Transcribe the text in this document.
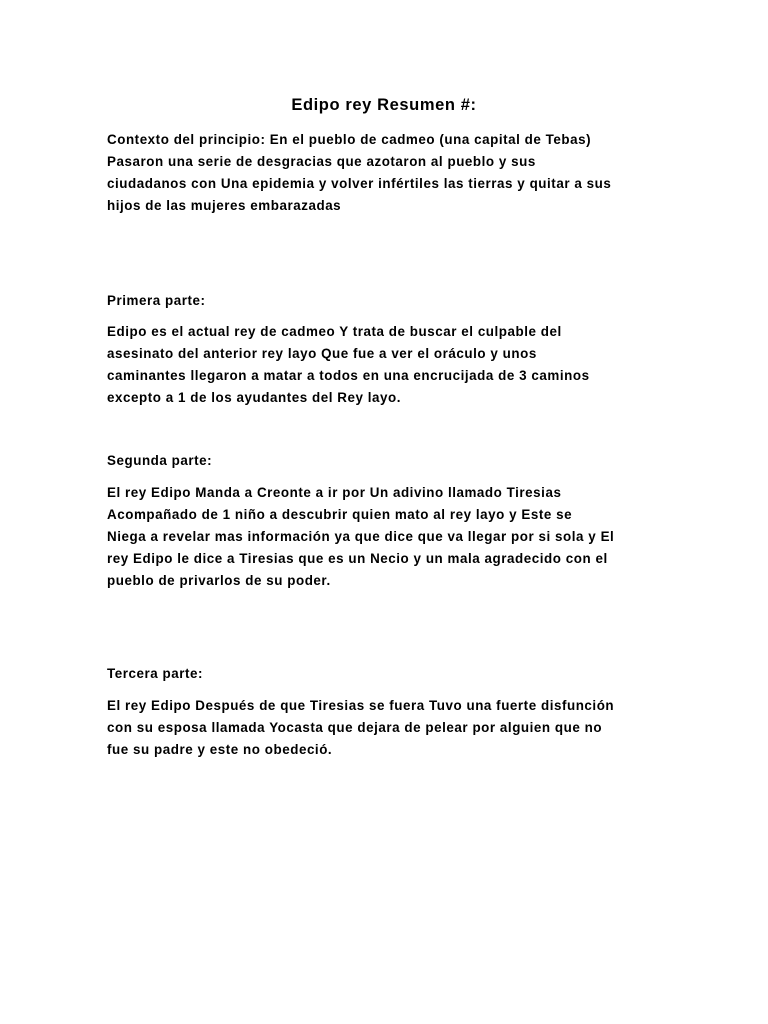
Edipo rey Resumen #:

Contexto del principio: En el pueblo de cadmeo (una capital de Tebas)
Pasaron una serie de desgracias que azotaron al pueblo y sus
ciudadanos con Una epidemia y volver infértiles las tierras y quitar a sus
hijos de las mujeres embarazadas

Primera parte:

Edipo es el actual rey de cadmeo Y trata de buscar el culpable del
asesinato del anterior rey layo Que fue a ver el oráculo y unos
caminantes llegaron a matar a todos en una encrucijada de 3 caminos
excepto a 1 de los ayudantes del Rey layo.

Segunda parte:

El rey Edipo Manda a Creonte a ir por Un adivino llamado Tiresias
Acompañado de 1 niño a descubrir quien mato al rey layo y Este se
Niega a revelar mas información ya que dice que va llegar por si sola y El
rey Edipo le dice a Tiresias que es un Necio y un mala agradecido con el
pueblo de privarlos de su poder.

Tercera parte:

El rey Edipo Después de que Tiresias se fuera Tuvo una fuerte disfunción
con su esposa llamada Yocasta que dejara de pelear por alguien que no
fue su padre y este no obedeció.
